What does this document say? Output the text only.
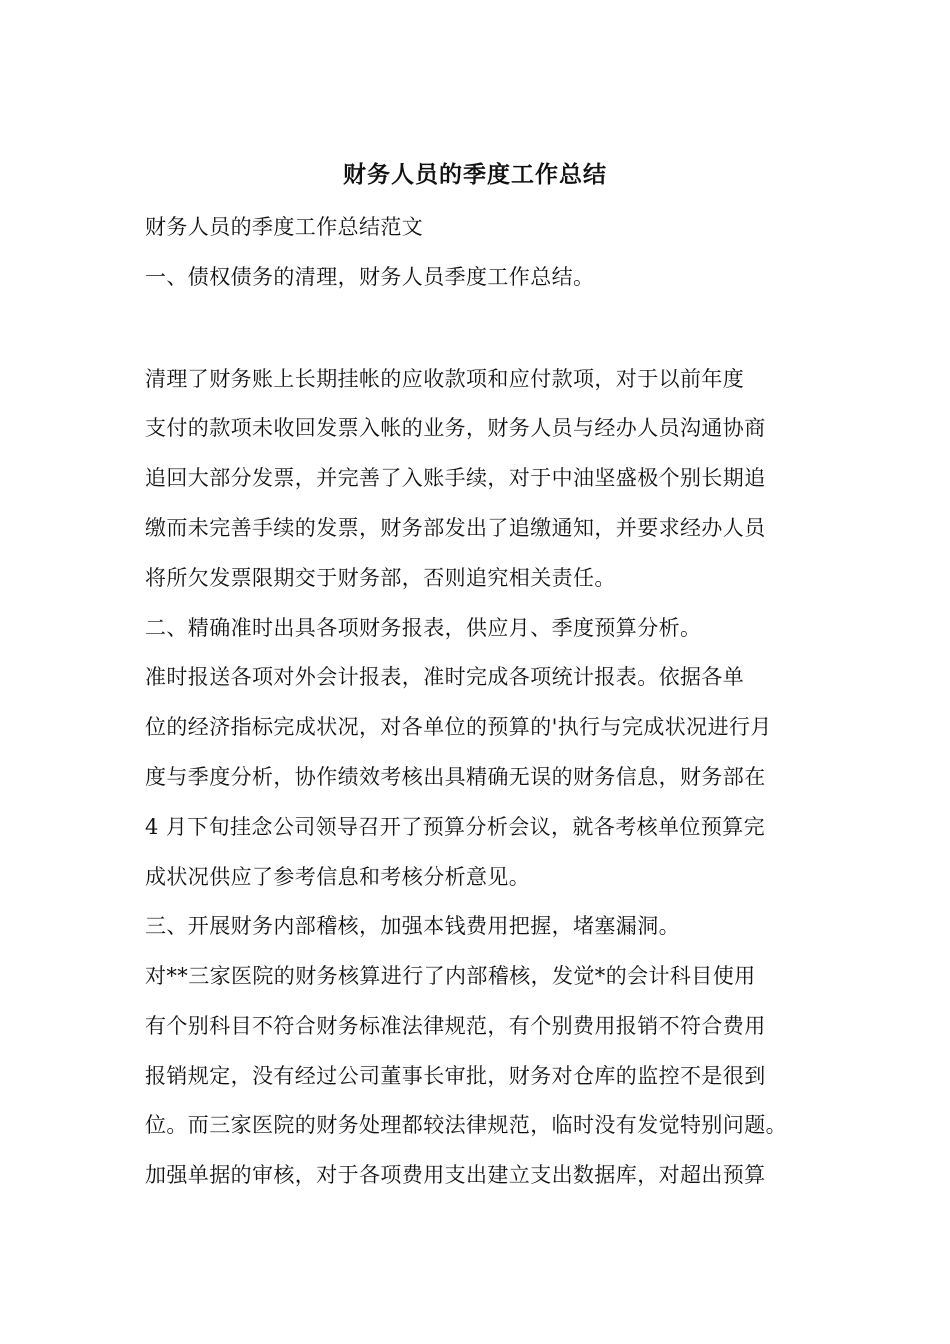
财务人员的季度工作总结
财务人员的季度工作总结范文
一、债权债务的清理，财务人员季度工作总结。
清理了财务账上长期挂帐的应收款项和应付款项，对于以前年度
支付的款项未收回发票入帐的业务，财务人员与经办人员沟通协商
追回大部分发票，并完善了入账手续，对于中油坚盛极个别长期追
缴而未完善手续的发票，财务部发出了追缴通知，并要求经办人员
将所欠发票限期交于财务部，否则追究相关责任。
二、精确准时出具各项财务报表，供应月、季度预算分析。
准时报送各项对外会计报表，准时完成各项统计报表。依据各单
位的经济指标完成状况，对各单位的预算的'执行与完成状况进行月
度与季度分析，协作绩效考核出具精确无误的财务信息，财务部在
4 月下旬挂念公司领导召开了预算分析会议，就各考核单位预算完
成状况供应了参考信息和考核分析意见。
三、开展财务内部稽核，加强本钱费用把握，堵塞漏洞。
对**三家医院的财务核算进行了内部稽核，发觉*的会计科目使用
有个别科目不符合财务标准法律规范，有个别费用报销不符合费用
报销规定，没有经过公司董事长审批，财务对仓库的监控不是很到
位。而三家医院的财务处理都较法律规范，临时没有发觉特别问题。
加强单据的审核，对于各项费用支出建立支出数据库，对超出预算
